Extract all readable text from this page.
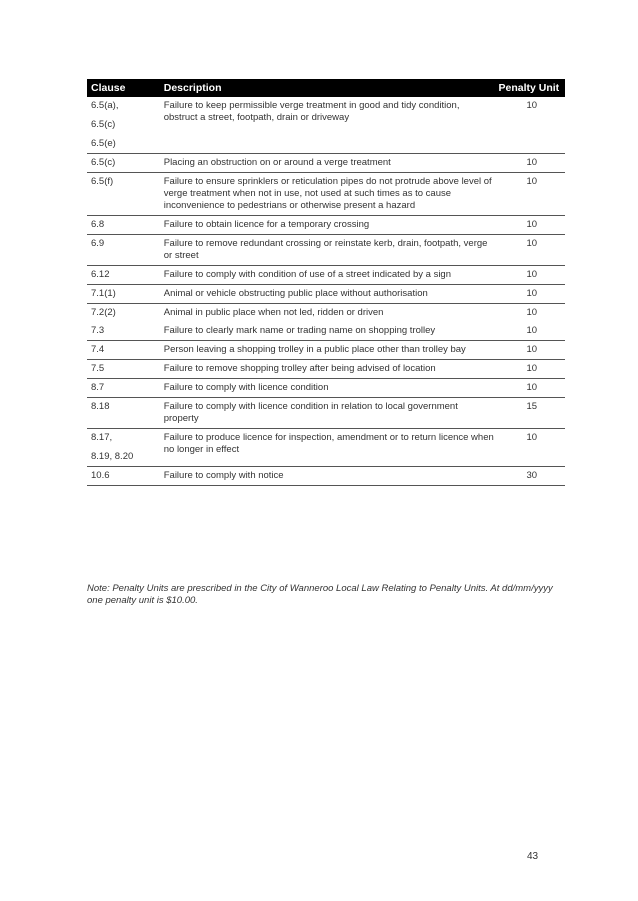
Clause	Description	Penalty Unit

6.5(a),
6.5(c)
6.5(e)	Failure to keep permissible verge treatment in good and tidy condition, obstruct a street, footpath, drain or driveway	10

6.5(c)	Placing an obstruction on or around a verge treatment	10

6.5(f)	Failure to ensure sprinklers or reticulation pipes do not protrude above level of verge treatment when not in use, not used at such times as to cause inconvenience to pedestrians or otherwise present a hazard	10

6.8	Failure to obtain licence for a temporary crossing	10

6.9	Failure to remove redundant crossing or reinstate kerb, drain, footpath, verge or street	10

6.12	Failure to comply with condition of use of a street indicated by a sign	10

7.1(1)	Animal or vehicle obstructing public place without authorisation	10

7.2(2)	Animal in public place when not led, ridden or driven	10

7.3	Failure to clearly mark name or trading name on shopping trolley	10

7.4	Person leaving a shopping trolley in a public place other than trolley bay	10

7.5	Failure to remove shopping trolley after being advised of location	10

8.7	Failure to comply with licence condition	10

8.18	Failure to comply with licence condition in relation to local government property	15

8.17,
8.19, 8.20	Failure to produce licence for inspection, amendment or to return licence when no longer in effect	10

10.6	Failure to comply with notice	30
Note: Penalty Units are prescribed in the City of Wanneroo Local Law Relating to Penalty Units. At dd/mm/yyyy one penalty unit is $10.00.
43
